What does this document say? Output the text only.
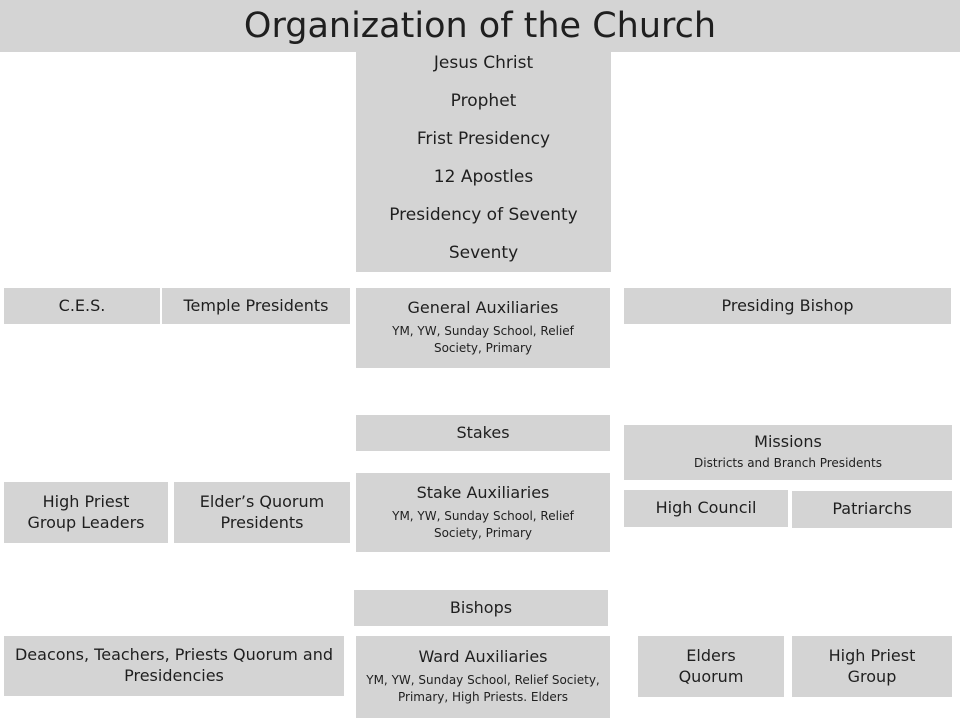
Organization of the Church
Jesus Christ
Prophet
Frist Presidency
12 Apostles
Presidency of Seventy
Seventy
C.E.S.	Temple Presidents	General Auxiliaries
YM, YW, Sunday School, Relief Society, Primary
Presiding Bishop
Stakes
Missions
Districts and Branch Presidents
High Priest Group Leaders
Elder’s Quorum Presidents
Stake Auxiliaries
YM, YW, Sunday School, Relief Society, Primary
High Council	Patriarchs
Bishops
Deacons, Teachers, Priests Quorum and Presidencies
Ward Auxiliaries
YM, YW, Sunday School, Relief Society, Primary, High Priests. Elders
Elders Quorum
High Priest Group
